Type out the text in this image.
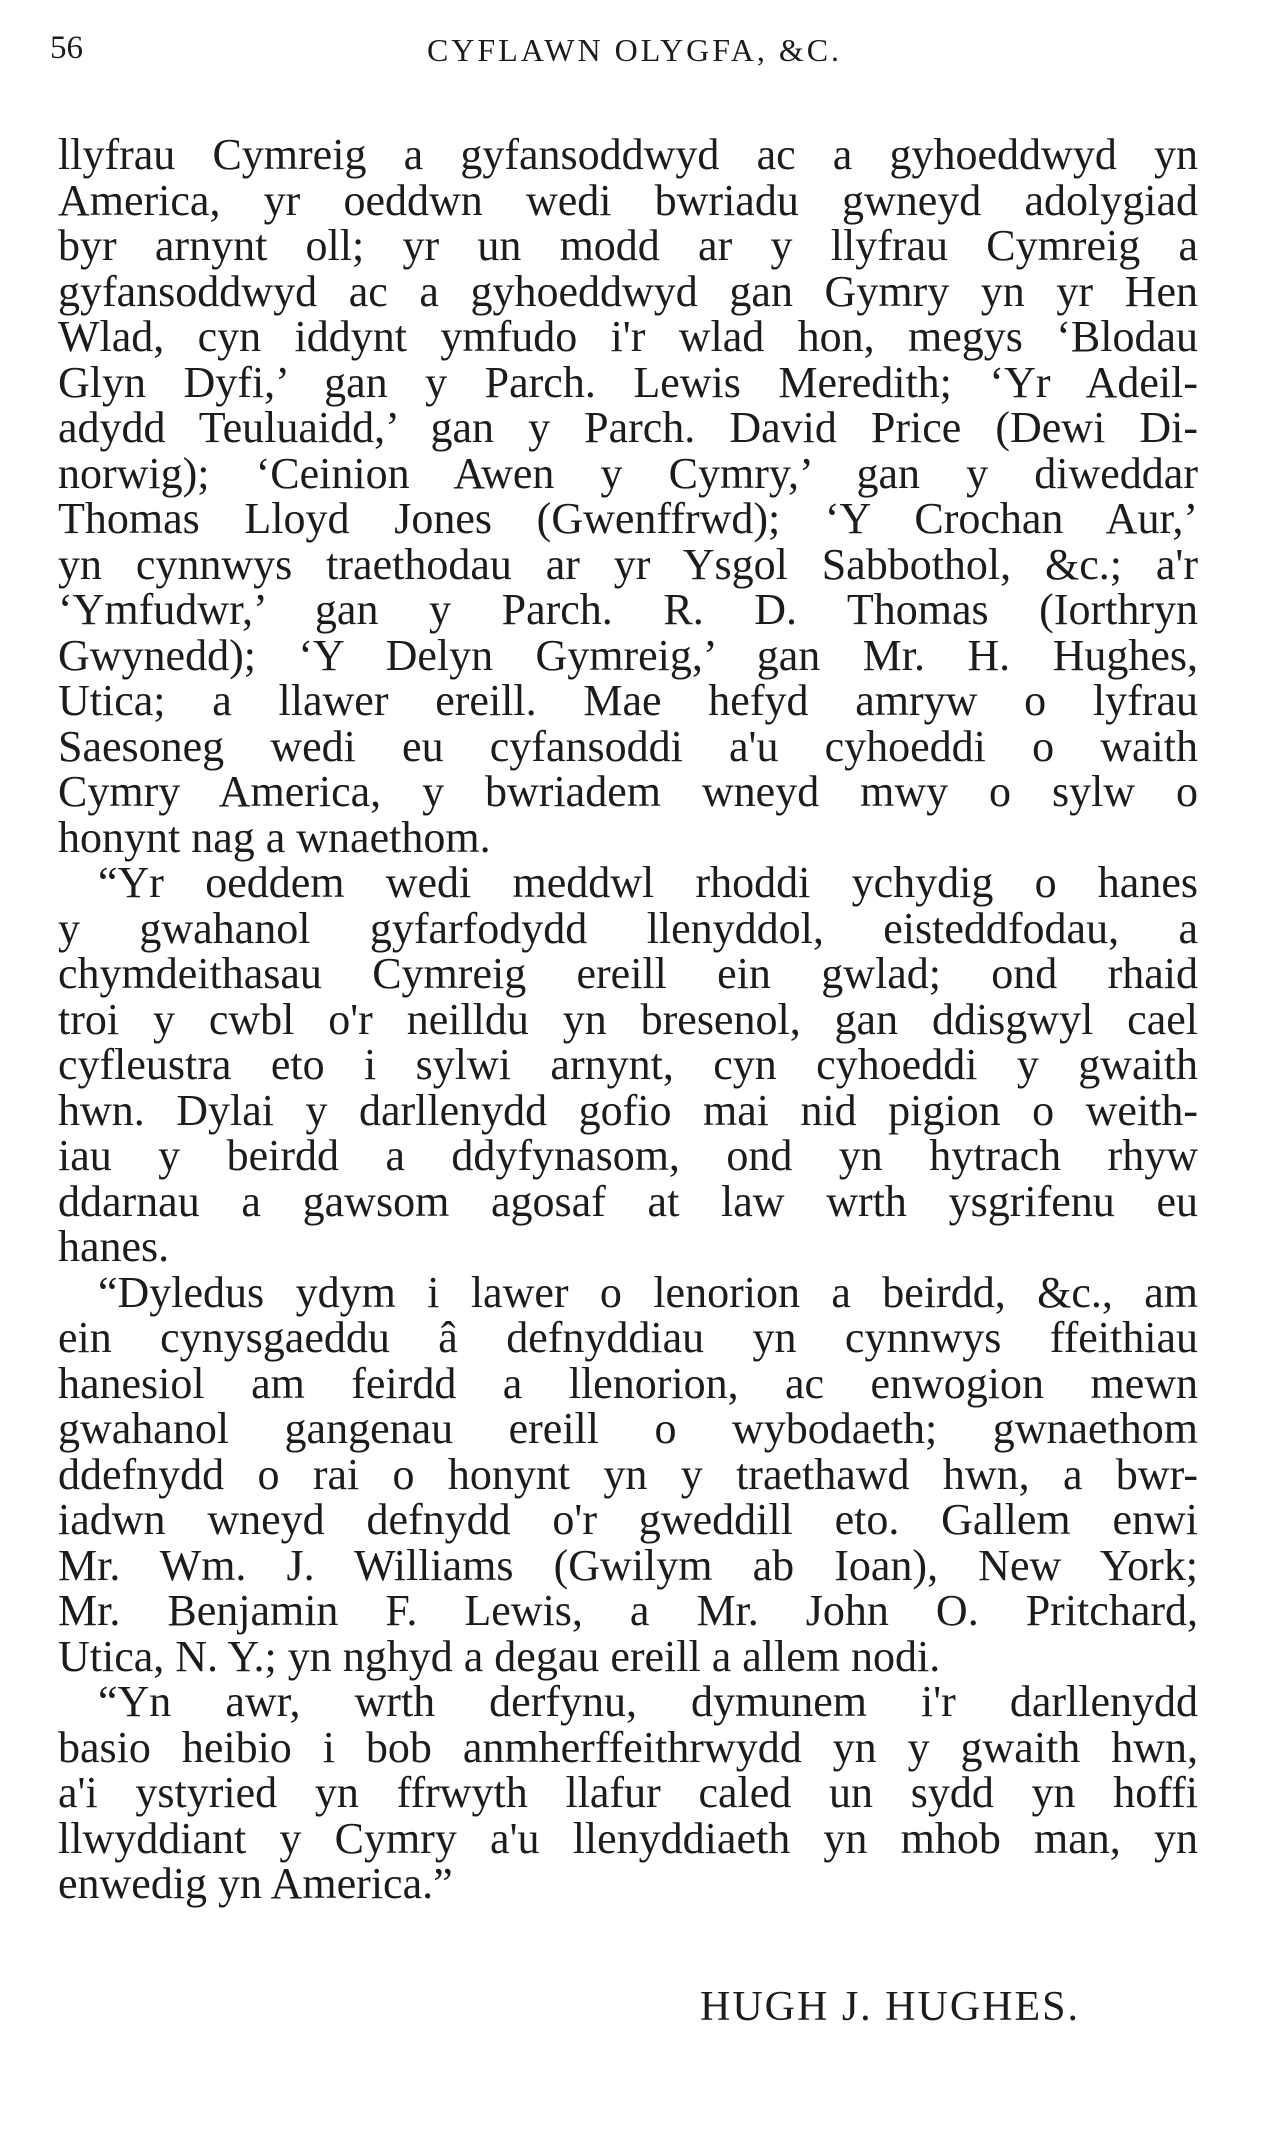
56	CYFLAWN OLYGFA, &C.
llyfrau Cymreig a gyfansoddwyd ac a gyhoeddwyd yn
America, yr oeddwn wedi bwriadu gwneyd adolygiad
byr arnynt oll; yr un modd ar y llyfrau Cymreig a
gyfansoddwyd ac a gyhoeddwyd gan Gymry yn yr Hen
Wlad, cyn iddynt ymfudo i'r wlad hon, megys ‘Blodau
Glyn Dyfi,’ gan y Parch. Lewis Meredith; ‘Yr Adeil-
adydd Teuluaidd,’ gan y Parch. David Price (Dewi Di-
norwig); ‘Ceinion Awen y Cymry,’ gan y diweddar
Thomas Lloyd Jones (Gwenffrwd); ‘Y Crochan Aur,’
yn cynnwys traethodau ar yr Ysgol Sabbothol, &c.; a'r
‘Ymfudwr,’ gan y Parch. R. D. Thomas (Iorthryn
Gwynedd); ‘Y Delyn Gymreig,’ gan Mr. H. Hughes,
Utica; a llawer ereill. Mae hefyd amryw o lyfrau
Saesoneg wedi eu cyfansoddi a'u cyhoeddi o waith
Cymry America, y bwriadem wneyd mwy o sylw o
honynt nag a wnaethom.
“Yr oeddem wedi meddwl rhoddi ychydig o hanes
y gwahanol gyfarfodydd llenyddol, eisteddfodau, a
chymdeithasau Cymreig ereill ein gwlad; ond rhaid
troi y cwbl o'r neilldu yn bresenol, gan ddisgwyl cael
cyfleustra eto i sylwi arnynt, cyn cyhoeddi y gwaith
hwn. Dylai y darllenydd gofio mai nid pigion o weith-
iau y beirdd a ddyfynasom, ond yn hytrach rhyw
ddarnau a gawsom agosaf at law wrth ysgrifenu eu
hanes.
“Dyledus ydym i lawer o lenorion a beirdd, &c., am
ein cynysgaeddu â defnyddiau yn cynnwys ffeithiau
hanesiol am feirdd a llenorion, ac enwogion mewn
gwahanol gangenau ereill o wybodaeth; gwnaethom
ddefnydd o rai o honynt yn y traethawd hwn, a bwr-
iadwn wneyd defnydd o'r gweddill eto. Gallem enwi
Mr. Wm. J. Williams (Gwilym ab Ioan), New York;
Mr. Benjamin F. Lewis, a Mr. John O. Pritchard,
Utica, N. Y.; yn nghyd a degau ereill a allem nodi.
“Yn awr, wrth derfynu, dymunem i'r darllenydd
basio heibio i bob anmherffeithrwydd yn y gwaith hwn,
a'i ystyried yn ffrwyth llafur caled un sydd yn hoffi
llwyddiant y Cymry a'u llenyddiaeth yn mhob man, yn
enwedig yn America.”
HUGH J. HUGHES.
